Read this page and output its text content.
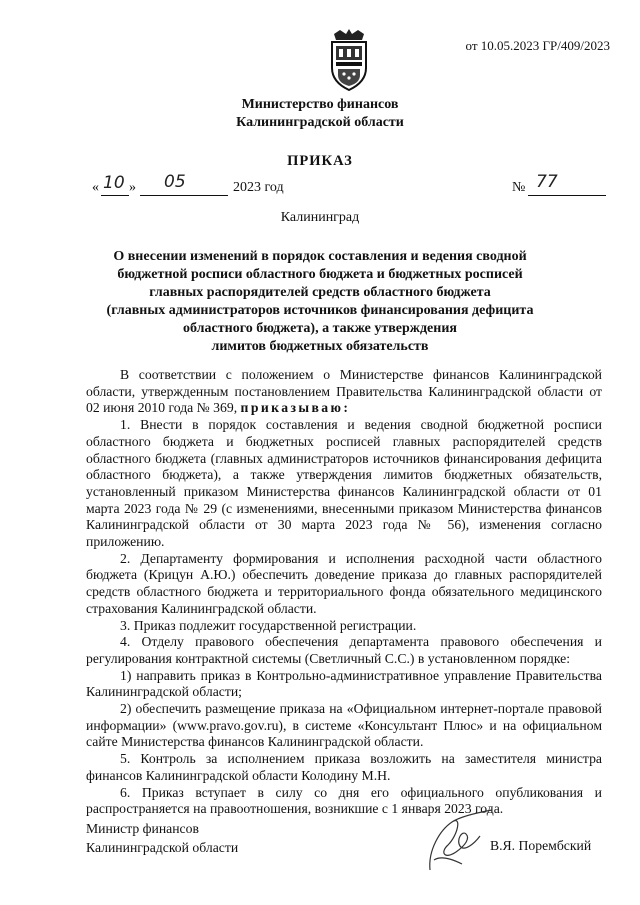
от 10.05.2023 ГР/409/2023
Министерство финансов
Калининградской области
ПРИКАЗ
« 10 » 05	2023 год	№ 77
Калининград
О внесении изменений в порядок составления и ведения сводной
бюджетной росписи областного бюджета и бюджетных росписей
главных распорядителей средств областного бюджета
(главных администраторов источников финансирования дефицита
областного бюджета), а также утверждения
лимитов бюджетных обязательств

В соответствии с положением о Министерстве финансов Калининградской области, утвержденным постановлением Правительства Калининградской области от 02 июня 2010 года № 369, приказываю:

1. Внести в порядок составления и ведения сводной бюджетной росписи областного бюджета и бюджетных росписей главных распорядителей средств областного бюджета (главных администраторов источников финансирования дефицита областного бюджета), а также утверждения лимитов бюджетных обязательств, установленный приказом Министерства финансов Калининградской области от 01 марта 2023 года № 29 (с изменениями, внесенными приказом Министерства финансов Калининградской области от 30 марта 2023 года № 56), изменения согласно приложению.

2. Департаменту формирования и исполнения расходной части областного бюджета (Крицун А.Ю.) обеспечить доведение приказа до главных распорядителей средств областного бюджета и территориального фонда обязательного медицинского страхования Калининградской области.

3. Приказ подлежит государственной регистрации.

4. Отделу правового обеспечения департамента правового обеспечения и регулирования контрактной системы (Светличный С.С.) в установленном порядке:

1) направить приказ в Контрольно-административное управление Правительства Калининградской области;

2) обеспечить размещение приказа на «Официальном интернет-портале правовой информации» (www.pravo.gov.ru), в системе «Консультант Плюс» и на официальном сайте Министерства финансов Калининградской области.

5. Контроль за исполнением приказа возложить на заместителя министра финансов Калининградской области Колодину М.Н.

6. Приказ вступает в силу со дня его официального опубликования и распространяется на правоотношения, возникшие с 1 января 2023 года.

Министр финансов
Калининградской области	В.Я. Порембский
